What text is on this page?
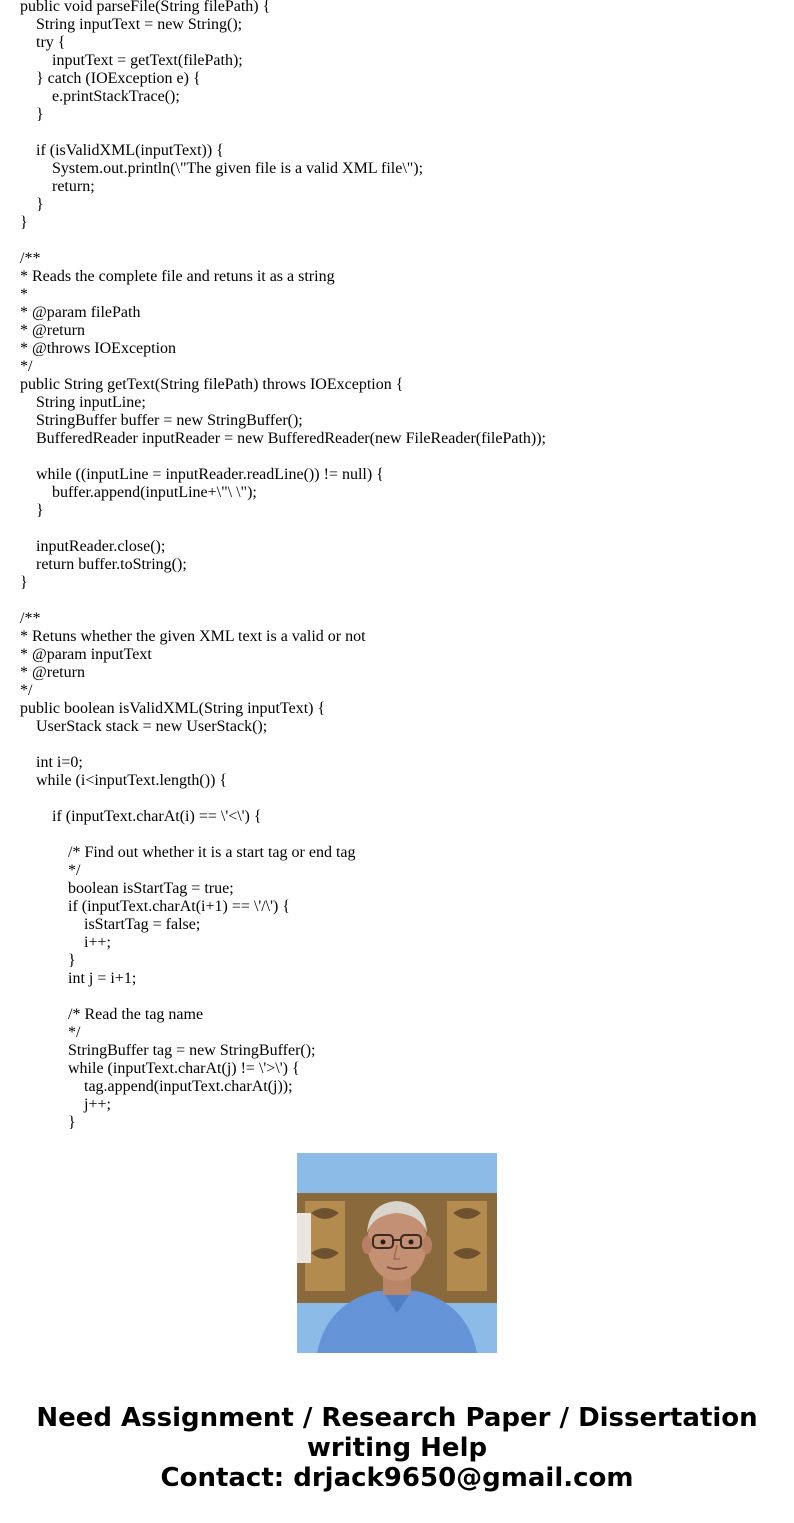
public void parseFile(String filePath) {
String inputText = new String();
try {
inputText = getText(filePath);
} catch (IOException e) {
e.printStackTrace();
}
if (isValidXML(inputText)) {
System.out.println(\"The given file is a valid XML file\");
return;
}
}
/**
* Reads the complete file and retuns it as a string
*
* @param filePath
* @return
* @throws IOException
*/
public String getText(String filePath) throws IOException {
String inputLine;
StringBuffer buffer = new StringBuffer();
BufferedReader inputReader = new BufferedReader(new FileReader(filePath));
while ((inputLine = inputReader.readLine()) != null) {
buffer.append(inputLine+\"\ \");
}
inputReader.close();
return buffer.toString();
}
/**
* Retuns whether the given XML text is a valid or not
* @param inputText
* @return
*/
public boolean isValidXML(String inputText) {
UserStack stack = new UserStack();
int i=0;
while (i<inputText.length()) {
if (inputText.charAt(i) == \'<\') {
/* Find out whether it is a start tag or end tag
*/
boolean isStartTag = true;
if (inputText.charAt(i+1) == \'/\') {
isStartTag = false;
i++;
}
int j = i+1;
/* Read the tag name
*/
StringBuffer tag = new StringBuffer();
while (inputText.charAt(j) != \'>\') {
tag.append(inputText.charAt(j));
j++;
}
Need Assignment / Research Paper / Dissertation
writing Help
Contact: drjack9650@gmail.com
